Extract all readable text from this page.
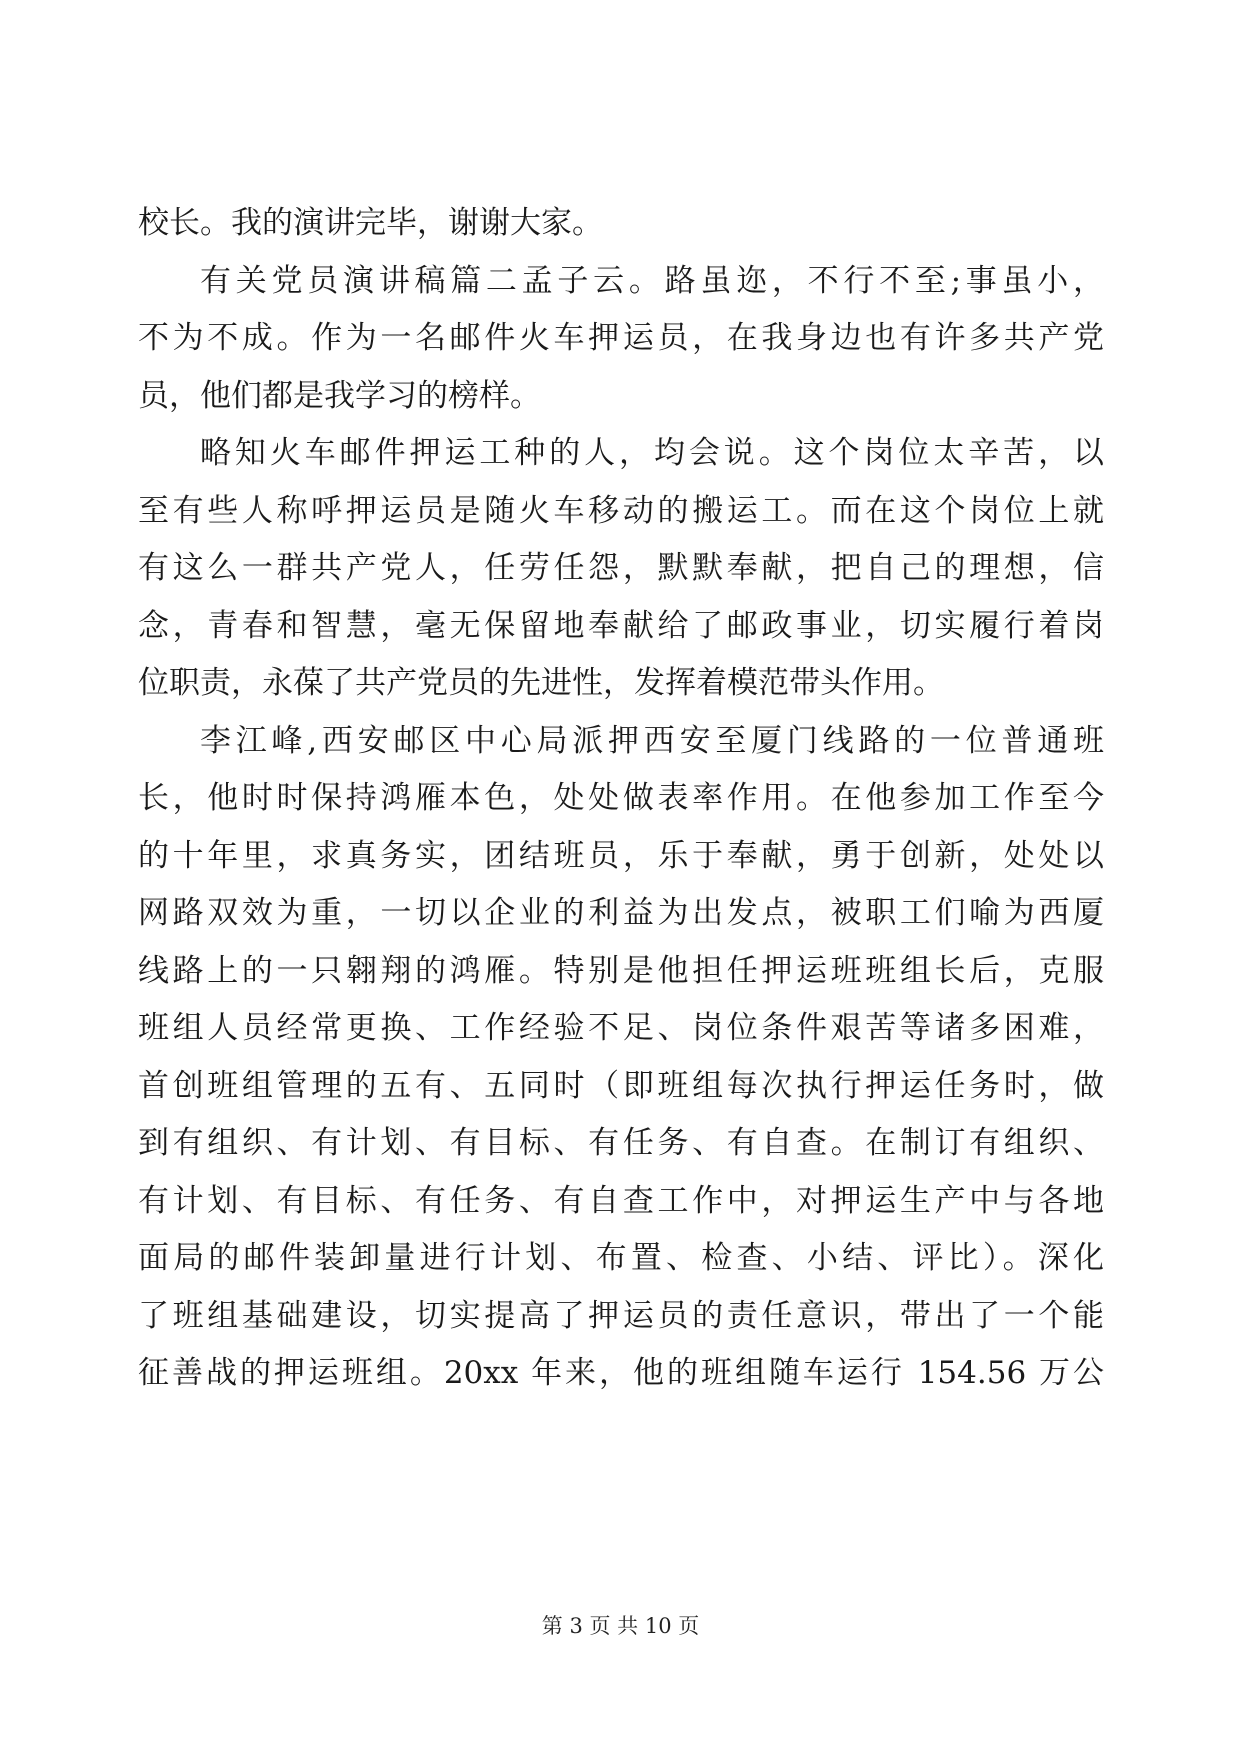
校长。我的演讲完毕，谢谢大家。
有关党员演讲稿篇二孟子云。路虽迩，不行不至;事虽小，
不为不成。作为一名邮件火车押运员，在我身边也有许多共产党
员，他们都是我学习的榜样。
略知火车邮件押运工种的人，均会说。这个岗位太辛苦，以
至有些人称呼押运员是随火车移动的搬运工。而在这个岗位上就
有这么一群共产党人，任劳任怨，默默奉献，把自己的理想，信
念，青春和智慧，毫无保留地奉献给了邮政事业，切实履行着岗
位职责，永葆了共产党员的先进性，发挥着模范带头作用。
李江峰,西安邮区中心局派押西安至厦门线路的一位普通班
长，他时时保持鸿雁本色，处处做表率作用。在他参加工作至今
的十年里，求真务实，团结班员，乐于奉献，勇于创新，处处以
网路双效为重，一切以企业的利益为出发点，被职工们喻为西厦
线路上的一只翱翔的鸿雁。特别是他担任押运班班组长后，克服
班组人员经常更换、工作经验不足、岗位条件艰苦等诸多困难，
首创班组管理的五有、五同时（即班组每次执行押运任务时，做
到有组织、有计划、有目标、有任务、有自查。在制订有组织、
有计划、有目标、有任务、有自查工作中，对押运生产中与各地
面局的邮件装卸量进行计划、布置、检查、小结、评比）。深化
了班组基础建设，切实提高了押运员的责任意识，带出了一个能
征善战的押运班组。20xx 年来，他的班组随车运行 154.56 万公
第 3 页 共 10 页
